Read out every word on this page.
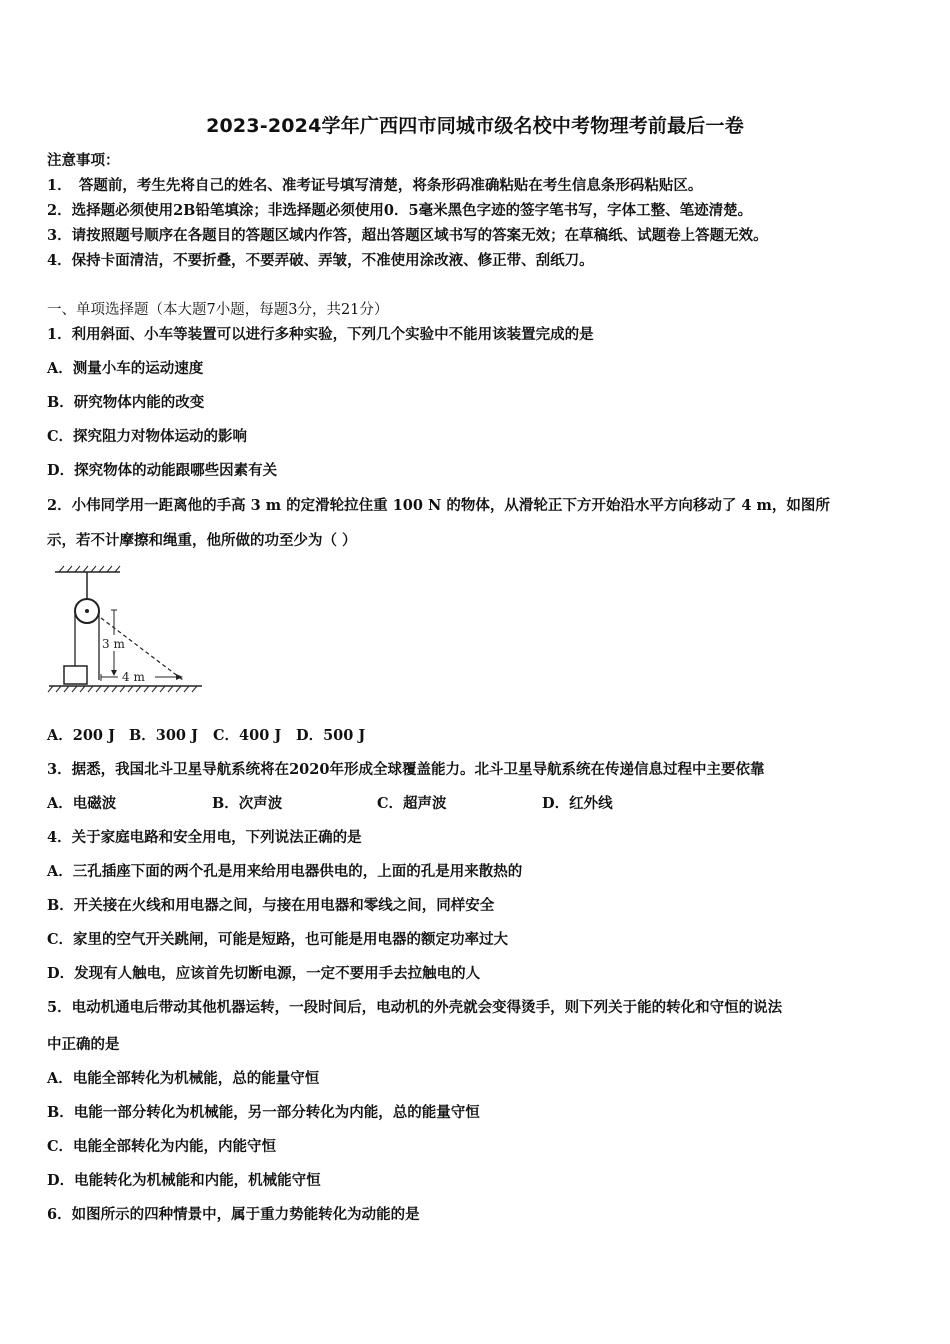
2023-2024学年广西四市同城市级名校中考物理考前最后一卷
注意事项：
1．　答题前，考生先将自己的姓名、准考证号填写清楚，将条形码准确粘贴在考生信息条形码粘贴区。
2．选择题必须使用2B铅笔填涂；非选择题必须使用0．5毫米黑色字迹的签字笔书写，字体工整、笔迹清楚。
3．请按照题号顺序在各题目的答题区域内作答，超出答题区域书写的答案无效；在草稿纸、试题卷上答题无效。
4．保持卡面清洁，不要折叠，不要弄破、弄皱，不准使用涂改液、修正带、刮纸刀。
一、单项选择题（本大题7小题，每题3分，共21分）
1．利用斜面、小车等装置可以进行多种实验，下列几个实验中不能用该装置完成的是
A．测量小车的运动速度
B．研究物体内能的改变
C．探究阻力对物体运动的影响
D．探究物体的动能跟哪些因素有关
2．小伟同学用一距离他的手高 3 m 的定滑轮拉住重 100 N 的物体，从滑轮正下方开始沿水平方向移动了 4 m，如图所
示，若不计摩擦和绳重，他所做的功至少为（ ）
3 m
4 m
A．200 J B．300 J C．400 J D．500 J
3．据悉，我国北斗卫星导航系统将在2020年形成全球覆盖能力。北斗卫星导航系统在传递信息过程中主要依靠
A．电磁波	B．次声波	C．超声波	D．红外线
4．关于家庭电路和安全用电，下列说法正确的是
A．三孔插座下面的两个孔是用来给用电器供电的，上面的孔是用来散热的
B．开关接在火线和用电器之间，与接在用电器和零线之间，同样安全
C．家里的空气开关跳闸，可能是短路，也可能是用电器的额定功率过大
D．发现有人触电，应该首先切断电源，一定不要用手去拉触电的人
5．电动机通电后带动其他机器运转，一段时间后，电动机的外壳就会变得烫手，则下列关于能的转化和守恒的说法
中正确的是
A．电能全部转化为机械能，总的能量守恒
B．电能一部分转化为机械能，另一部分转化为内能，总的能量守恒
C．电能全部转化为内能，内能守恒
D．电能转化为机械能和内能，机械能守恒
6．如图所示的四种情景中，属于重力势能转化为动能的是
